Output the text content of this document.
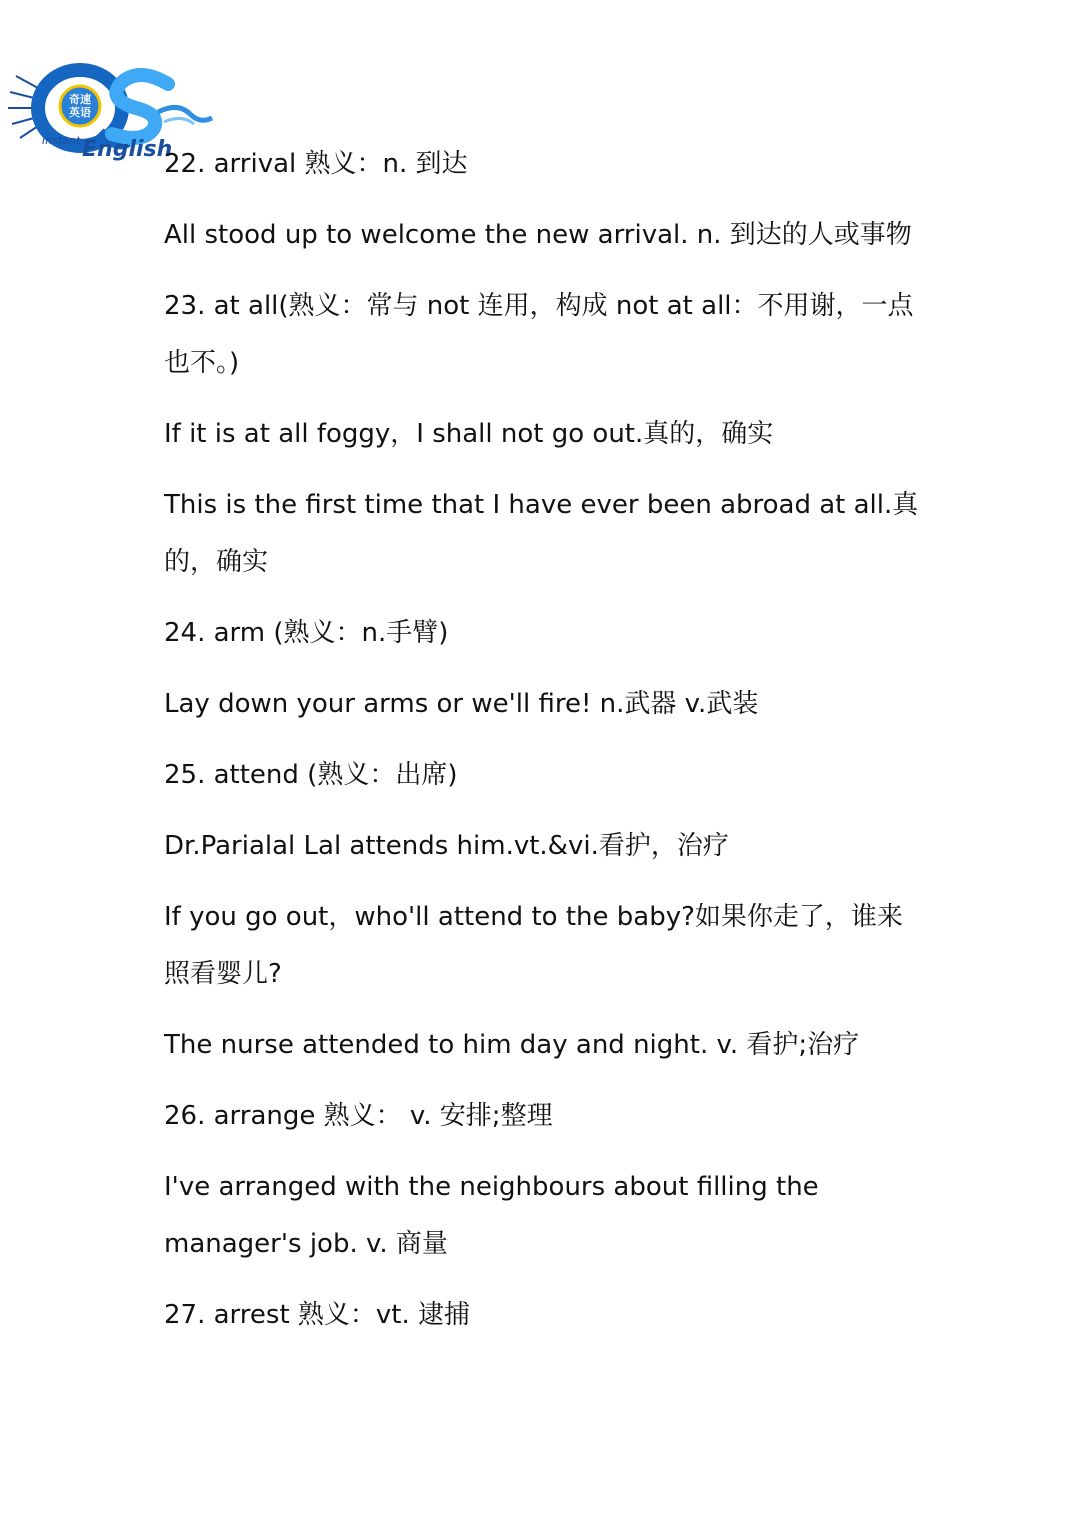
奇速
英语
Instant English
22. arrival 熟义：n. 到达
All stood up to welcome the new arrival. n. 到达的人或事物
23. at all(熟义：常与 not 连用，构成 not at all：不用谢，一点
也不。)
If it is at all foggy，I shall not go out.真的，确实
This is the first time that I have ever been abroad at all.真
的，确实
24. arm (熟义：n.手臂)
Lay down your arms or we'll fire! n.武器 v.武装
25. attend (熟义：出席)
Dr.Parialal Lal attends him.vt.&vi.看护，治疗
If you go out，who'll attend to the baby?如果你走了，谁来
照看婴儿?
The nurse attended to him day and night. v. 看护;治疗
26. arrange 熟义： v. 安排;整理
I've arranged with the neighbours about filling the
manager's job. v. 商量
27. arrest 熟义：vt. 逮捕
